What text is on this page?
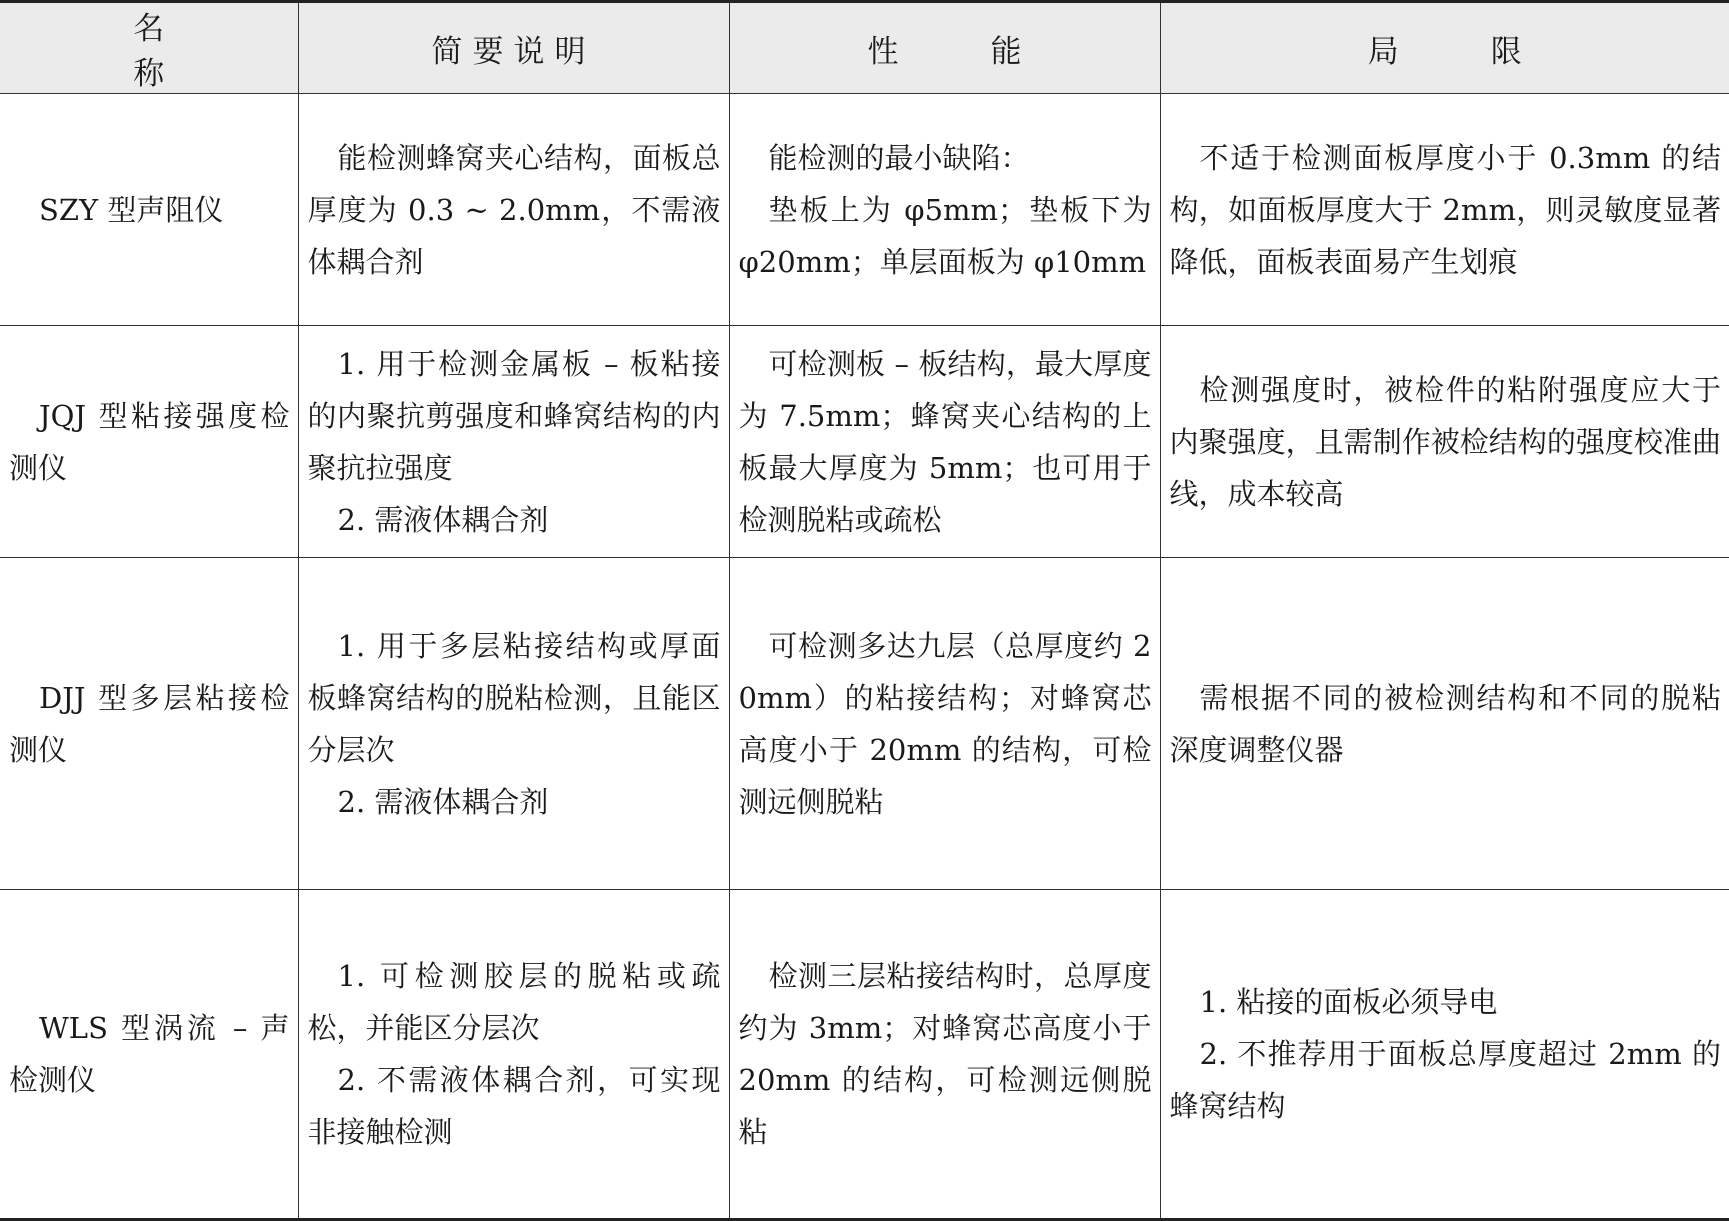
名称	简要说明	性能	局限

SZY 型声阻仪	能检测蜂窝夹心结构，面板总厚度为 0.3 ~ 2.0mm，不需液体耦合剂	能检测的最小缺陷：
垫板上为 φ5mm；垫板下为 φ20mm；单层面板为 φ10mm	不适于检测面板厚度小于 0.3mm 的结构，如面板厚度大于 2mm，则灵敏度显著降低，面板表面易产生划痕

JQJ 型粘接强度检测仪	1. 用于检测金属板 – 板粘接的内聚抗剪强度和蜂窝结构的内聚抗拉强度
2. 需液体耦合剂	可检测板 – 板结构，最大厚度为 7.5mm；蜂窝夹心结构的上板最大厚度为 5mm；也可用于检测脱粘或疏松	检测强度时，被检件的粘附强度应大于内聚强度，且需制作被检结构的强度校准曲线，成本较高

DJJ 型多层粘接检测仪	1. 用于多层粘接结构或厚面板蜂窝结构的脱粘检测，且能区分层次
2. 需液体耦合剂	可检测多达九层（总厚度约 20mm）的粘接结构；对蜂窝芯高度小于 20mm 的结构，可检测远侧脱粘	需根据不同的被检测结构和不同的脱粘深度调整仪器

WLS 型涡流 – 声检测仪	1. 可检测胶层的脱粘或疏松，并能区分层次
2. 不需液体耦合剂，可实现非接触检测	检测三层粘接结构时，总厚度约为 3mm；对蜂窝芯高度小于 20mm 的结构，可检测远侧脱粘	1. 粘接的面板必须导电
2. 不推荐用于面板总厚度超过 2mm 的蜂窝结构
